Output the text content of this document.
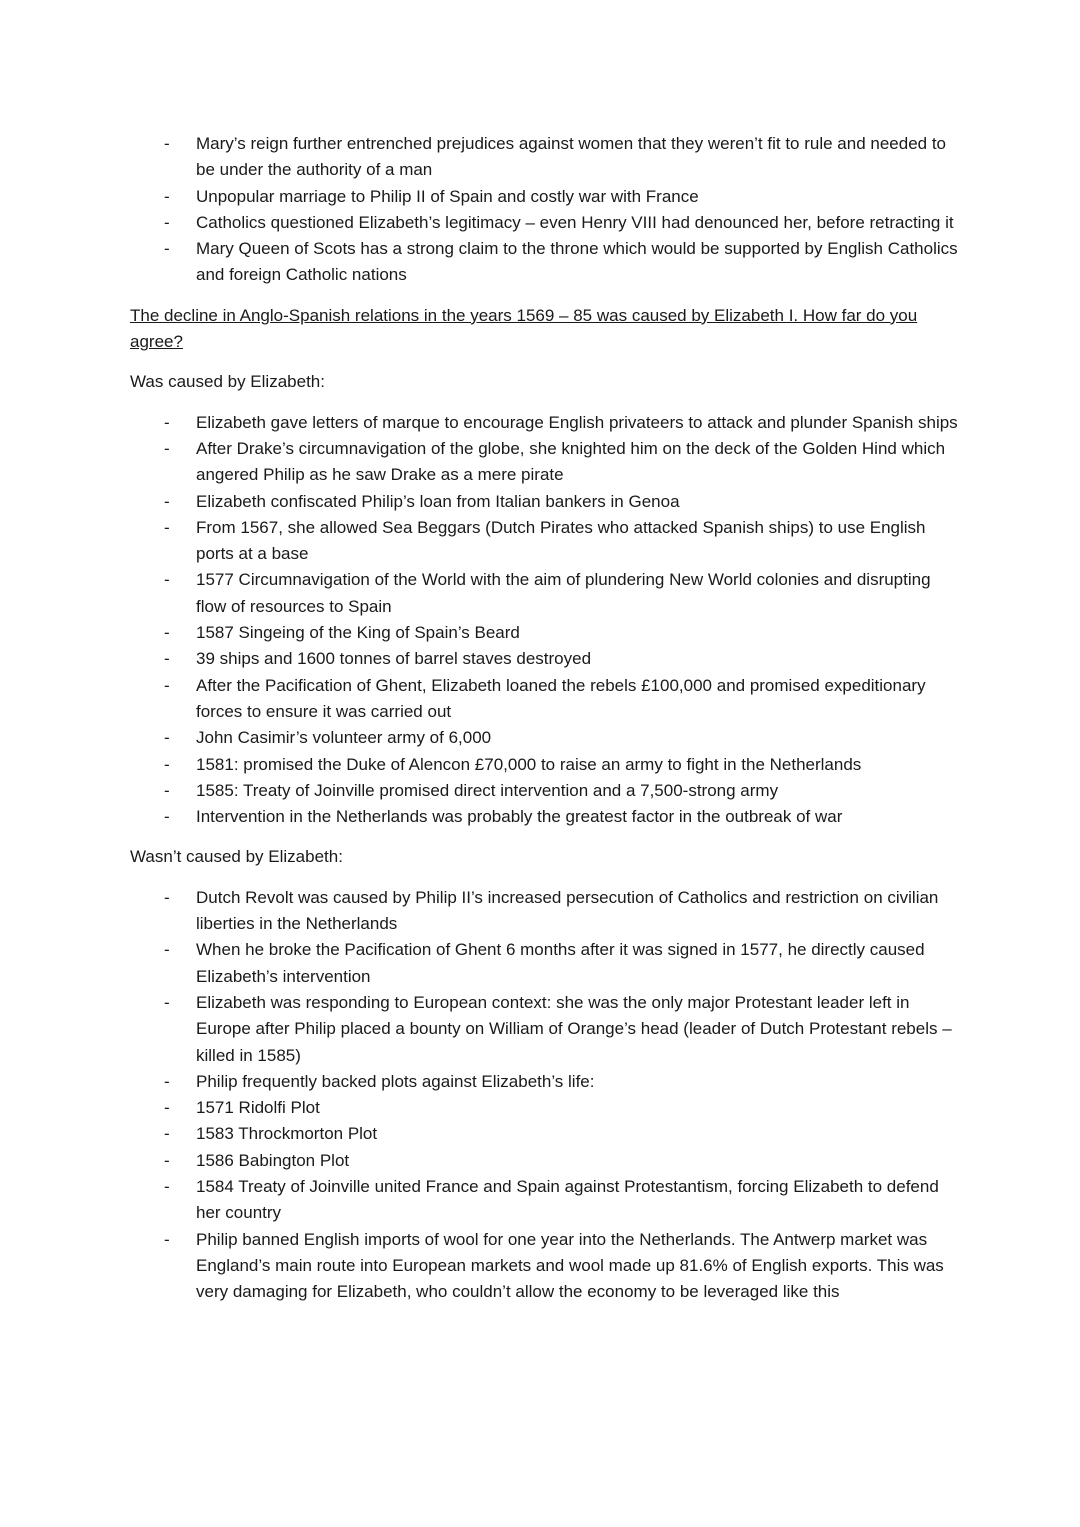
-	Mary’s reign further entrenched prejudices against women that they weren’t fit to rule and needed to be under the authority of a man
-	Unpopular marriage to Philip II of Spain and costly war with France
-	Catholics questioned Elizabeth’s legitimacy – even Henry VIII had denounced her, before retracting it
-	Mary Queen of Scots has a strong claim to the throne which would be supported by English Catholics and foreign Catholic nations

The decline in Anglo-Spanish relations in the years 1569 – 85 was caused by Elizabeth I. How far do you agree?

Was caused by Elizabeth:

-	Elizabeth gave letters of marque to encourage English privateers to attack and plunder Spanish ships
-	After Drake’s circumnavigation of the globe, she knighted him on the deck of the Golden Hind which angered Philip as he saw Drake as a mere pirate
-	Elizabeth confiscated Philip’s loan from Italian bankers in Genoa
-	From 1567, she allowed Sea Beggars (Dutch Pirates who attacked Spanish ships) to use English ports at a base
-	1577 Circumnavigation of the World with the aim of plundering New World colonies and disrupting flow of resources to Spain
-	1587 Singeing of the King of Spain’s Beard
-	39 ships and 1600 tonnes of barrel staves destroyed
-	After the Pacification of Ghent, Elizabeth loaned the rebels £100,000 and promised expeditionary forces to ensure it was carried out
-	John Casimir’s volunteer army of 6,000
-	1581: promised the Duke of Alencon £70,000 to raise an army to fight in the Netherlands
-	1585: Treaty of Joinville promised direct intervention and a 7,500-strong army
-	Intervention in the Netherlands was probably the greatest factor in the outbreak of war

Wasn’t caused by Elizabeth:

-	Dutch Revolt was caused by Philip II’s increased persecution of Catholics and restriction on civilian liberties in the Netherlands
-	When he broke the Pacification of Ghent 6 months after it was signed in 1577, he directly caused Elizabeth’s intervention
-	Elizabeth was responding to European context: she was the only major Protestant leader left in Europe after Philip placed a bounty on William of Orange’s head (leader of Dutch Protestant rebels – killed in 1585)
-	Philip frequently backed plots against Elizabeth’s life:
-	1571 Ridolfi Plot
-	1583 Throckmorton Plot
-	1586 Babington Plot
-	1584 Treaty of Joinville united France and Spain against Protestantism, forcing Elizabeth to defend her country
-	Philip banned English imports of wool for one year into the Netherlands. The Antwerp market was England’s main route into European markets and wool made up 81.6% of English exports. This was very damaging for Elizabeth, who couldn’t allow the economy to be leveraged like this
